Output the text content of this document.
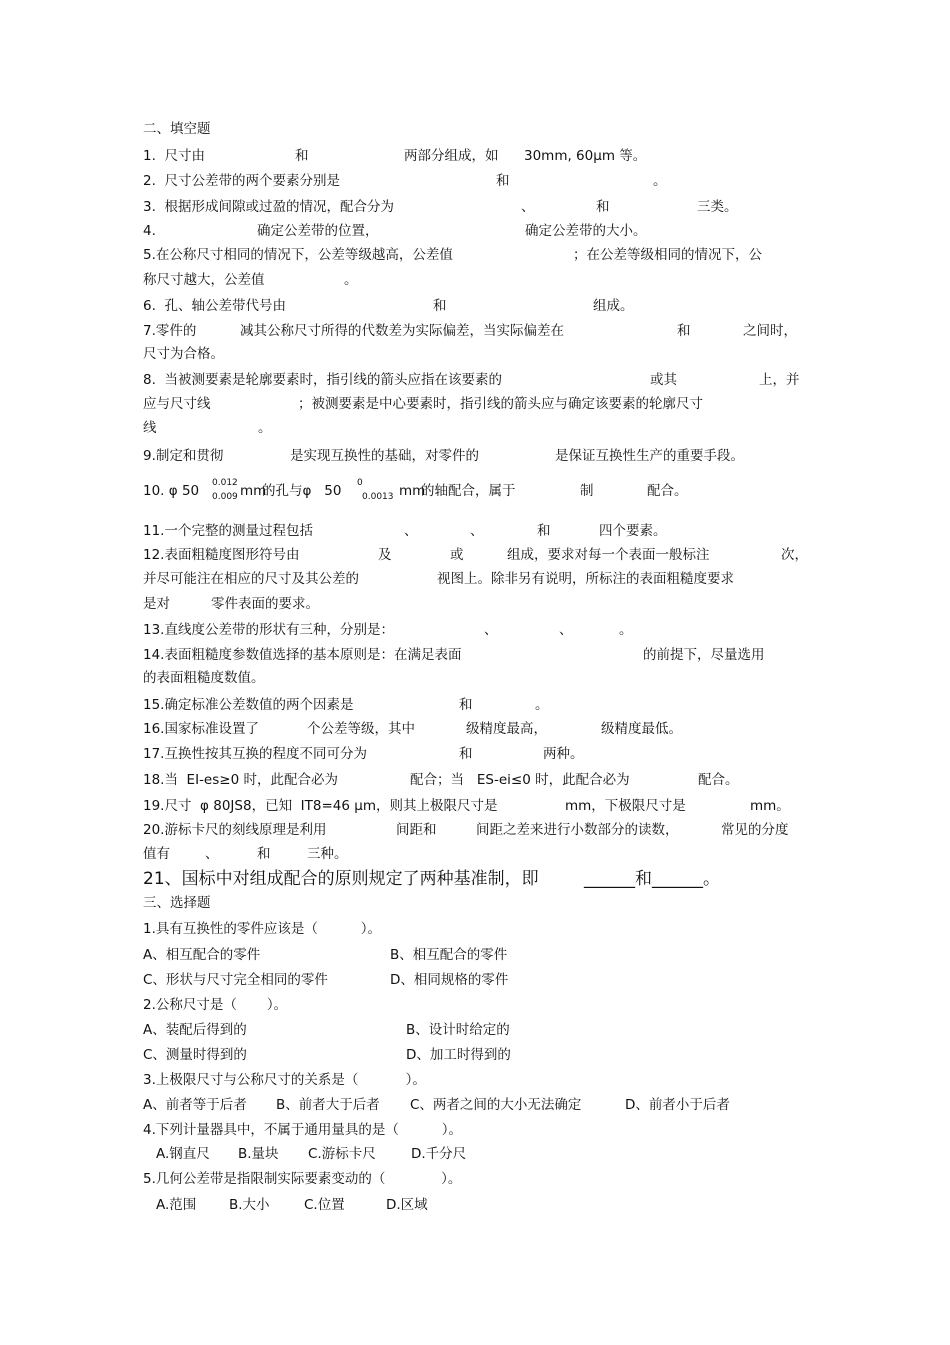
二、填空题
1.  尺寸由	和	两部分组成，如 30mm, 60μm 等。
2.  尺寸公差带的两个要素分别是	和	。
3.  根据形成间隙或过盈的情况，配合分为	、	和	三类。
4.	确定公差带的位置，	确定公差带的大小。
5.在公称尺寸相同的情况下，公差等级越高，公差值	；在公差等级相同的情况下，公
称尺寸越大，公差值	。
6.  孔、轴公差带代号由	和	组成。
7.零件的	减其公称尺寸所得的代数差为实际偏差，当实际偏差在	和	之间时，
尺寸为合格。
8.  当被测要素是轮廓要素时，指引线的箭头应指在该要素的	或其	上，并
应与尺寸线	；被测要素是中心要素时，指引线的箭头应与确定该要素的轮廓尺寸
线	。
9.制定和贯彻	是实现互换性的基础，对零件的	是保证互换性生产的重要手段。
10. φ 50 0.012
0.009 mm
的孔与φ   50 0
0.0013 mm
的轴配合，属于	制	配合。
11.一个完整的测量过程包括	、	、	和	四个要素。
12.表面粗糙度图形符号由	及	或	组成，要求对每一个表面一般标注	次，
并尽可能注在相应的尺寸及其公差的	视图上。除非另有说明，所标注的表面粗糙度要求
是对	零件表面的要求。
13.直线度公差带的形状有三种，分别是：	、	、	。
14.表面粗糙度参数值选择的基本原则是：在满足表面	的前提下，尽量选用
的表面粗糙度数值。
15.确定标准公差数值的两个因素是	和	。
16.国家标准设置了	个公差等级，其中	级精度最高，	级精度最低。
17.互换性按其互换的程度不同可分为	和	两种。
18.当  EI-es≥0 时，此配合必为	配合；当   ES-ei≤0 时，此配合必为	配合。
19.尺寸  φ 80JS8，已知  IT8=46 μm，则其上极限尺寸是	mm，下极限尺寸是	mm。
20.游标卡尺的刻线原理是利用	间距和	间距之差来进行小数部分的读数，	常见的分度
值有	、	和	三种。
21、国标中对组成配合的原则规定了两种基准制，即	______和______。
三、选择题
1.具有互换性的零件应该是（          ）。
A、相互配合的零件	B、相互配合的零件
C、形状与尺寸完全相同的零件	D、相同规格的零件
2.公称尺寸是（       ）。
A、装配后得到的	B、设计时给定的
C、测量时得到的	D、加工时得到的
3.上极限尺寸与公称尺寸的关系是（           ）。
A、前者等于后者 B、前者大于后者 C、两者之间的大小无法确定	D、前者小于后者
4.下列计量器具中，不属于通用量具的是（          ）。
A.钢直尺 B.量块 C.游标卡尺	D.千分尺
5.几何公差带是指限制实际要素变动的（             ）。
A.范围 B.大小	C.位置	D.区域
